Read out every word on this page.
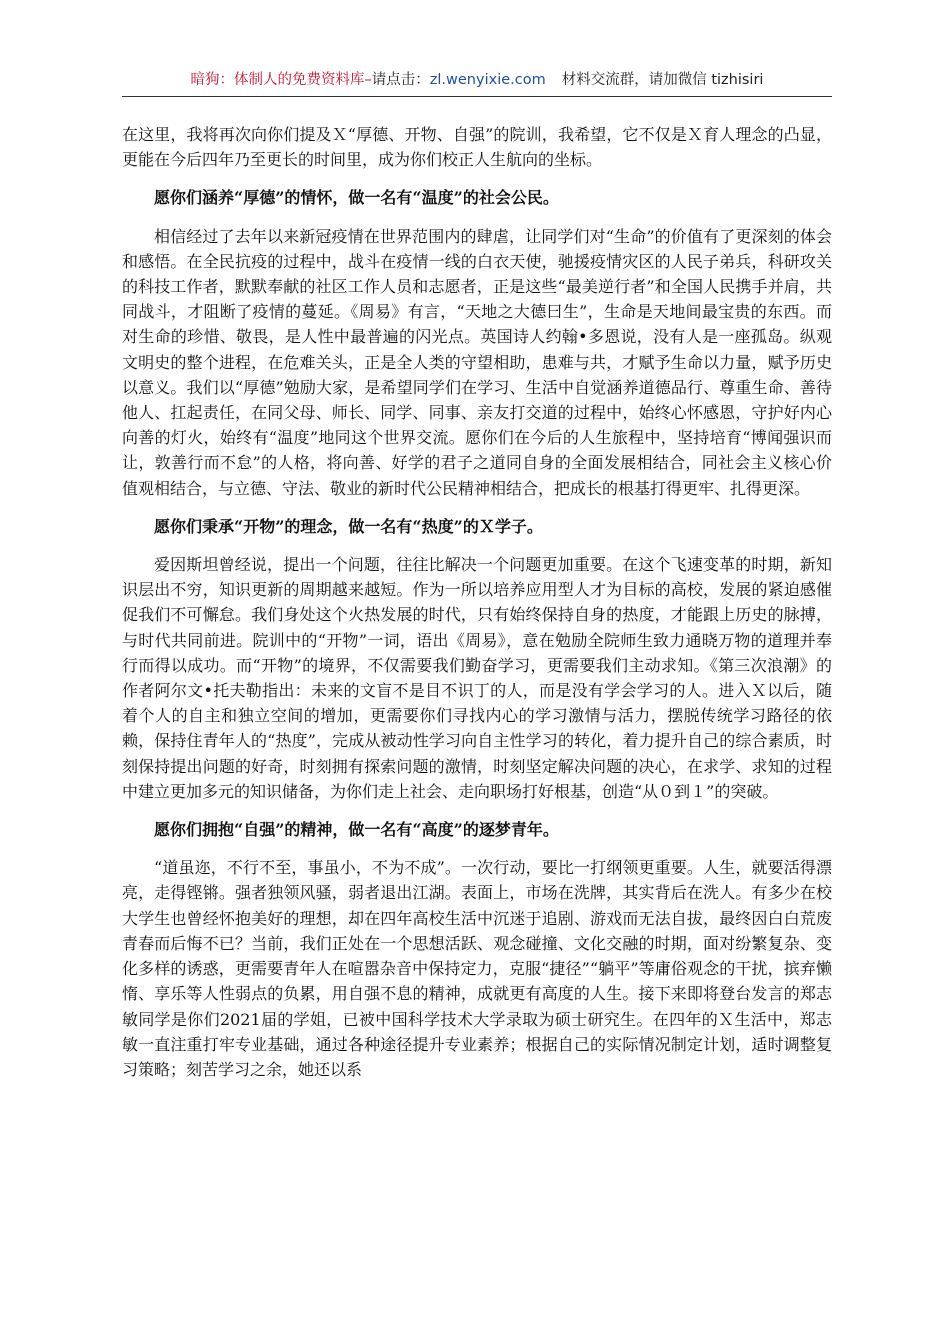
暗狗：体制人的免费资料库–请点击：zl.wenyixie.com 材料交流群，请加微信 tizhisiri

在这里，我将再次向你们提及Ｘ“厚德、开物、自强”的院训，我希望，它不仅是Ｘ育人理念的凸显，更能在今后四年乃至更长的时间里，成为你们校正人生航向的坐标。

愿你们涵养“厚德”的情怀，做一名有“温度”的社会公民。

相信经过了去年以来新冠疫情在世界范围内的肆虐，让同学们对“生命”的价值有了更深刻的体会和感悟。在全民抗疫的过程中，战斗在疫情一线的白衣天使，驰援疫情灾区的人民子弟兵，科研攻关的科技工作者，默默奉献的社区工作人员和志愿者，正是这些“最美逆行者”和全国人民携手并肩，共同战斗，才阻断了疫情的蔓延。《周易》有言，“天地之大德曰生”，生命是天地间最宝贵的东西。而对生命的珍惜、敬畏，是人性中最普遍的闪光点。英国诗人约翰•多恩说，没有人是一座孤岛。纵观文明史的整个进程，在危难关头，正是全人类的守望相助，患难与共，才赋予生命以力量，赋予历史以意义。我们以“厚德”勉励大家，是希望同学们在学习、生活中自觉涵养道德品行、尊重生命、善待他人、扛起责任，在同父母、师长、同学、同事、亲友打交道的过程中，始终心怀感恩，守护好内心向善的灯火，始终有“温度”地同这个世界交流。愿你们在今后的人生旅程中，坚持培育“博闻强识而让，敦善行而不怠”的人格，将向善、好学的君子之道同自身的全面发展相结合，同社会主义核心价值观相结合，与立德、守法、敬业的新时代公民精神相结合，把成长的根基打得更牢、扎得更深。

愿你们秉承“开物”的理念，做一名有“热度”的Ｘ学子。

爱因斯坦曾经说，提出一个问题，往往比解决一个问题更加重要。在这个飞速变革的时期，新知识层出不穷，知识更新的周期越来越短。作为一所以培养应用型人才为目标的高校，发展的紧迫感催促我们不可懈怠。我们身处这个火热发展的时代，只有始终保持自身的热度，才能跟上历史的脉搏，与时代共同前进。院训中的“开物”一词，语出《周易》，意在勉励全院师生致力通晓万物的道理并奉行而得以成功。而“开物”的境界，不仅需要我们勤奋学习，更需要我们主动求知。《第三次浪潮》的作者阿尔文•托夫勒指出：未来的文盲不是目不识丁的人，而是没有学会学习的人。进入Ｘ以后，随着个人的自主和独立空间的增加，更需要你们寻找内心的学习激情与活力，摆脱传统学习路径的依赖，保持住青年人的“热度”，完成从被动性学习向自主性学习的转化，着力提升自己的综合素质，时刻保持提出问题的好奇，时刻拥有探索问题的激情，时刻坚定解决问题的决心，在求学、求知的过程中建立更加多元的知识储备，为你们走上社会、走向职场打好根基，创造“从０到１”的突破。

愿你们拥抱“自强”的精神，做一名有“高度”的逐梦青年。

“道虽迩，不行不至，事虽小，不为不成”。一次行动，要比一打纲领更重要。人生，就要活得漂亮，走得铿锵。强者独领风骚，弱者退出江湖。表面上，市场在洗牌，其实背后在洗人。有多少在校大学生也曾经怀抱美好的理想，却在四年高校生活中沉迷于追剧、游戏而无法自拔，最终因白白荒废青春而后悔不已？当前，我们正处在一个思想活跃、观念碰撞、文化交融的时期，面对纷繁复杂、变化多样的诱惑，更需要青年人在喧嚣杂音中保持定力，克服“捷径”“躺平”等庸俗观念的干扰，摈弃懒惰、享乐等人性弱点的负累，用自强不息的精神，成就更有高度的人生。接下来即将登台发言的郑志敏同学是你们2021届的学姐，已被中国科学技术大学录取为硕士研究生。在四年的Ｘ生活中，郑志敏一直注重打牢专业基础，通过各种途径提升专业素养；根据自己的实际情况制定计划，适时调整复习策略；刻苦学习之余，她还以系
